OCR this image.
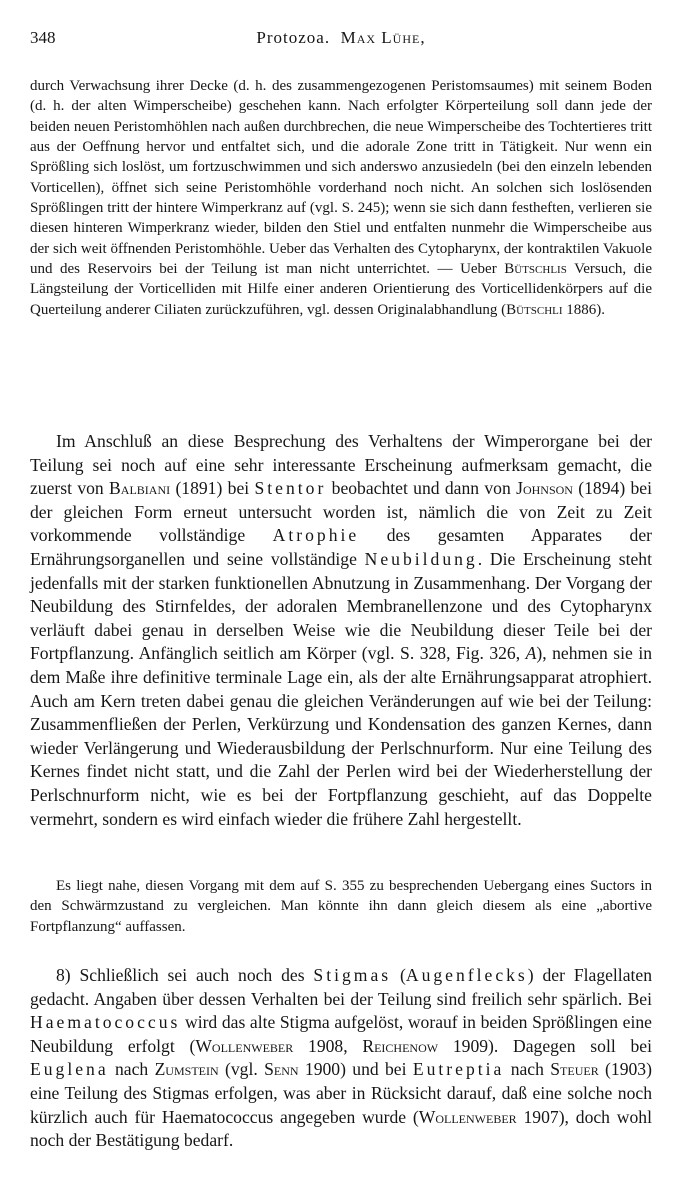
348	Protozoa. Max Lühe,

durch Verwachsung ihrer Decke (d. h. des zusammengezogenen Peristomsaumes) mit seinem Boden (d. h. der alten Wimperscheibe) geschehen kann. Nach erfolgter Körperteilung soll dann jede der beiden neuen Peristomhöhlen nach außen durchbrechen, die neue Wimperscheibe des Tochtertieres tritt aus der Oeffnung hervor und entfaltet sich, und die adorale Zone tritt in Tätigkeit. Nur wenn ein Sprößling sich loslöst, um fortzuschwimmen und sich anderswo anzusiedeln (bei den einzeln lebenden Vorticellen), öffnet sich seine Peristomhöhle vorderhand noch nicht. An solchen sich loslösenden Sprößlingen tritt der hintere Wimperkranz auf (vgl. S. 245); wenn sie sich dann festheften, verlieren sie diesen hinteren Wimperkranz wieder, bilden den Stiel und entfalten nunmehr die Wimperscheibe aus der sich weit öffnenden Peristomhöhle. Ueber das Verhalten des Cytopharynx, der kontraktilen Vakuole und des Reservoirs bei der Teilung ist man nicht unterrichtet. — Ueber Bütschlis Versuch, die Längsteilung der Vorticelliden mit Hilfe einer anderen Orientierung des Vorticellidenkörpers auf die Querteilung anderer Ciliaten zurückzuführen, vgl. dessen Originalabhandlung (Bütschli 1886).

Im Anschluß an diese Besprechung des Verhaltens der Wimperorgane bei der Teilung sei noch auf eine sehr interessante Erscheinung aufmerksam gemacht, die zuerst von Balbiani (1891) bei Stentor beobachtet und dann von Johnson (1894) bei der gleichen Form erneut untersucht worden ist, nämlich die von Zeit zu Zeit vorkommende vollständige Atrophie des gesamten Apparates der Ernährungsorganellen und seine vollständige Neubildung. Die Erscheinung steht jedenfalls mit der starken funktionellen Abnutzung in Zusammenhang. Der Vorgang der Neubildung des Stirnfeldes, der adoralen Membranellenzone und des Cytopharynx verläuft dabei genau in derselben Weise wie die Neubildung dieser Teile bei der Fortpflanzung. Anfänglich seitlich am Körper (vgl. S. 328, Fig. 326, A), nehmen sie in dem Maße ihre definitive terminale Lage ein, als der alte Ernährungsapparat atrophiert. Auch am Kern treten dabei genau die gleichen Veränderungen auf wie bei der Teilung: Zusammenfließen der Perlen, Verkürzung und Kondensation des ganzen Kernes, dann wieder Verlängerung und Wiederausbildung der Perlschnurform. Nur eine Teilung des Kernes findet nicht statt, und die Zahl der Perlen wird bei der Wiederherstellung der Perlschnurform nicht, wie es bei der Fortpflanzung geschieht, auf das Doppelte vermehrt, sondern es wird einfach wieder die frühere Zahl hergestellt.

Es liegt nahe, diesen Vorgang mit dem auf S. 355 zu besprechenden Uebergang eines Suctors in den Schwärmzustand zu vergleichen. Man könnte ihn dann gleich diesem als eine „abortive Fortpflanzung“ auffassen.

8) Schließlich sei auch noch des Stigmas (Augenflecks) der Flagellaten gedacht. Angaben über dessen Verhalten bei der Teilung sind freilich sehr spärlich. Bei Haematococcus wird das alte Stigma aufgelöst, worauf in beiden Sprößlingen eine Neubildung erfolgt (Wollenweber 1908, Reichenow 1909). Dagegen soll bei Euglena nach Zumstein (vgl. Senn 1900) und bei Eutreptia nach Steuer (1903) eine Teilung des Stigmas erfolgen, was aber in Rücksicht darauf, daß eine solche noch kürzlich auch für Haematococcus angegeben wurde (Wollenweber 1907), doch wohl noch der Bestätigung bedarf.
